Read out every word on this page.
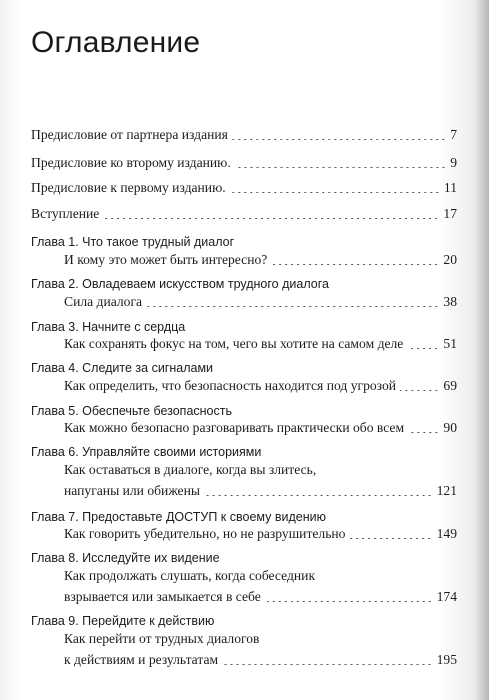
Оглавление
Предисловие от партнера издания	7
Предисловие ко второму изданию.	9
Предисловие к первому изданию.	11
Вступление	17
Глава 1. Что такое трудный диалог
И кому это может быть интересно?	20
Глава 2. Овладеваем искусством трудного диалога
Сила диалога	38
Глава 3. Начните с сердца
Как сохранять фокус на том, чего вы хотите на самом деле	51
Глава 4. Следите за сигналами
Как определить, что безопасность находится под угрозой	69
Глава 5. Обеспечьте безопасность
Как можно безопасно разговаривать практически обо всем	90
Глава 6. Управляйте своими историями
Как оставаться в диалоге, когда вы злитесь,
напуганы или обижены	121
Глава 7. Предоставьте ДОСТУП к своему видению
Как говорить убедительно, но не разрушительно	149
Глава 8. Исследуйте их видение
Как продолжать слушать, когда собеседник
взрывается или замыкается в себе	174
Глава 9. Перейдите к действию
Как перейти от трудных диалогов
к действиям и результатам	195
